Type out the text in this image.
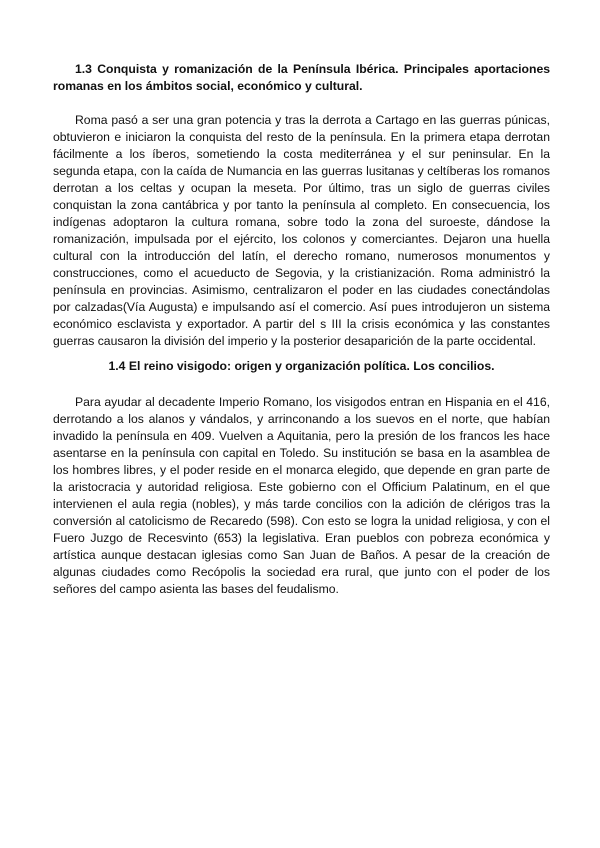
1.3 Conquista y romanización de la Península Ibérica. Principales aportaciones romanas en los ámbitos social, económico y cultural.

Roma pasó a ser una gran potencia y tras la derrota a Cartago en las guerras púnicas, obtuvieron e iniciaron la conquista del resto de la península. En la primera etapa derrotan fácilmente a los íberos, sometiendo la costa mediterránea y el sur peninsular. En la segunda etapa, con la caída de Numancia en las guerras lusitanas y celtíberas los romanos derrotan a los celtas y ocupan la meseta. Por último, tras un siglo de guerras civiles conquistan la zona cantábrica y por tanto la península al completo. En consecuencia, los indígenas adoptaron la cultura romana, sobre todo la zona del suroeste, dándose la romanización, impulsada por el ejército, los colonos y comerciantes. Dejaron una huella cultural con la introducción del latín, el derecho romano, numerosos monumentos y construcciones, como el acueducto de Segovia, y la cristianización. Roma administró la península en provincias. Asimismo, centralizaron el poder en las ciudades conectándolas por calzadas(Vía Augusta) e impulsando así el comercio. Así pues introdujeron un sistema económico esclavista y exportador. A partir del s III la crisis económica y las constantes guerras causaron la división del imperio y la posterior desaparición de la parte occidental.

1.4 El reino visigodo: origen y organización política. Los concilios.

Para ayudar al decadente Imperio Romano, los visigodos entran en Hispania en el 416, derrotando a los alanos y vándalos, y arrinconando a los suevos en el norte, que habían invadido la península en 409. Vuelven a Aquitania, pero la presión de los francos les hace asentarse en la península con capital en Toledo. Su institución se basa en la asamblea de los hombres libres, y el poder reside en el monarca elegido, que depende en gran parte de la aristocracia y autoridad religiosa. Este gobierno con el Officium Palatinum, en el que intervienen el aula regia (nobles), y más tarde concilios con la adición de clérigos tras la conversión al catolicismo de Recaredo (598). Con esto se logra la unidad religiosa, y con el Fuero Juzgo de Recesvinto (653) la legislativa. Eran pueblos con pobreza económica y artística aunque destacan iglesias como San Juan de Baños. A pesar de la creación de algunas ciudades como Recópolis la sociedad era rural, que junto con el poder de los señores del campo asienta las bases del feudalismo.
